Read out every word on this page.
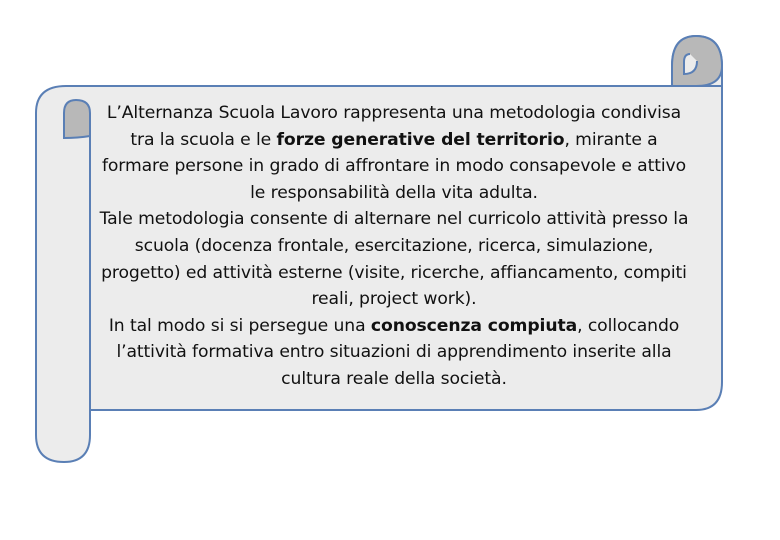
L’Alternanza Scuola Lavoro rappresenta una metodologia condivisa tra la scuola e le forze generative del territorio, mirante a formare persone in grado di affrontare in modo consapevole e attivo le responsabilità della vita adulta.
Tale metodologia consente di alternare nel curricolo attività presso la scuola (docenza frontale, esercitazione, ricerca, simulazione, progetto) ed attività esterne (visite, ricerche, affiancamento, compiti reali, project work).
In tal modo si si persegue una conoscenza compiuta, collocando l’attività formativa entro situazioni di apprendimento inserite alla cultura reale della società.
